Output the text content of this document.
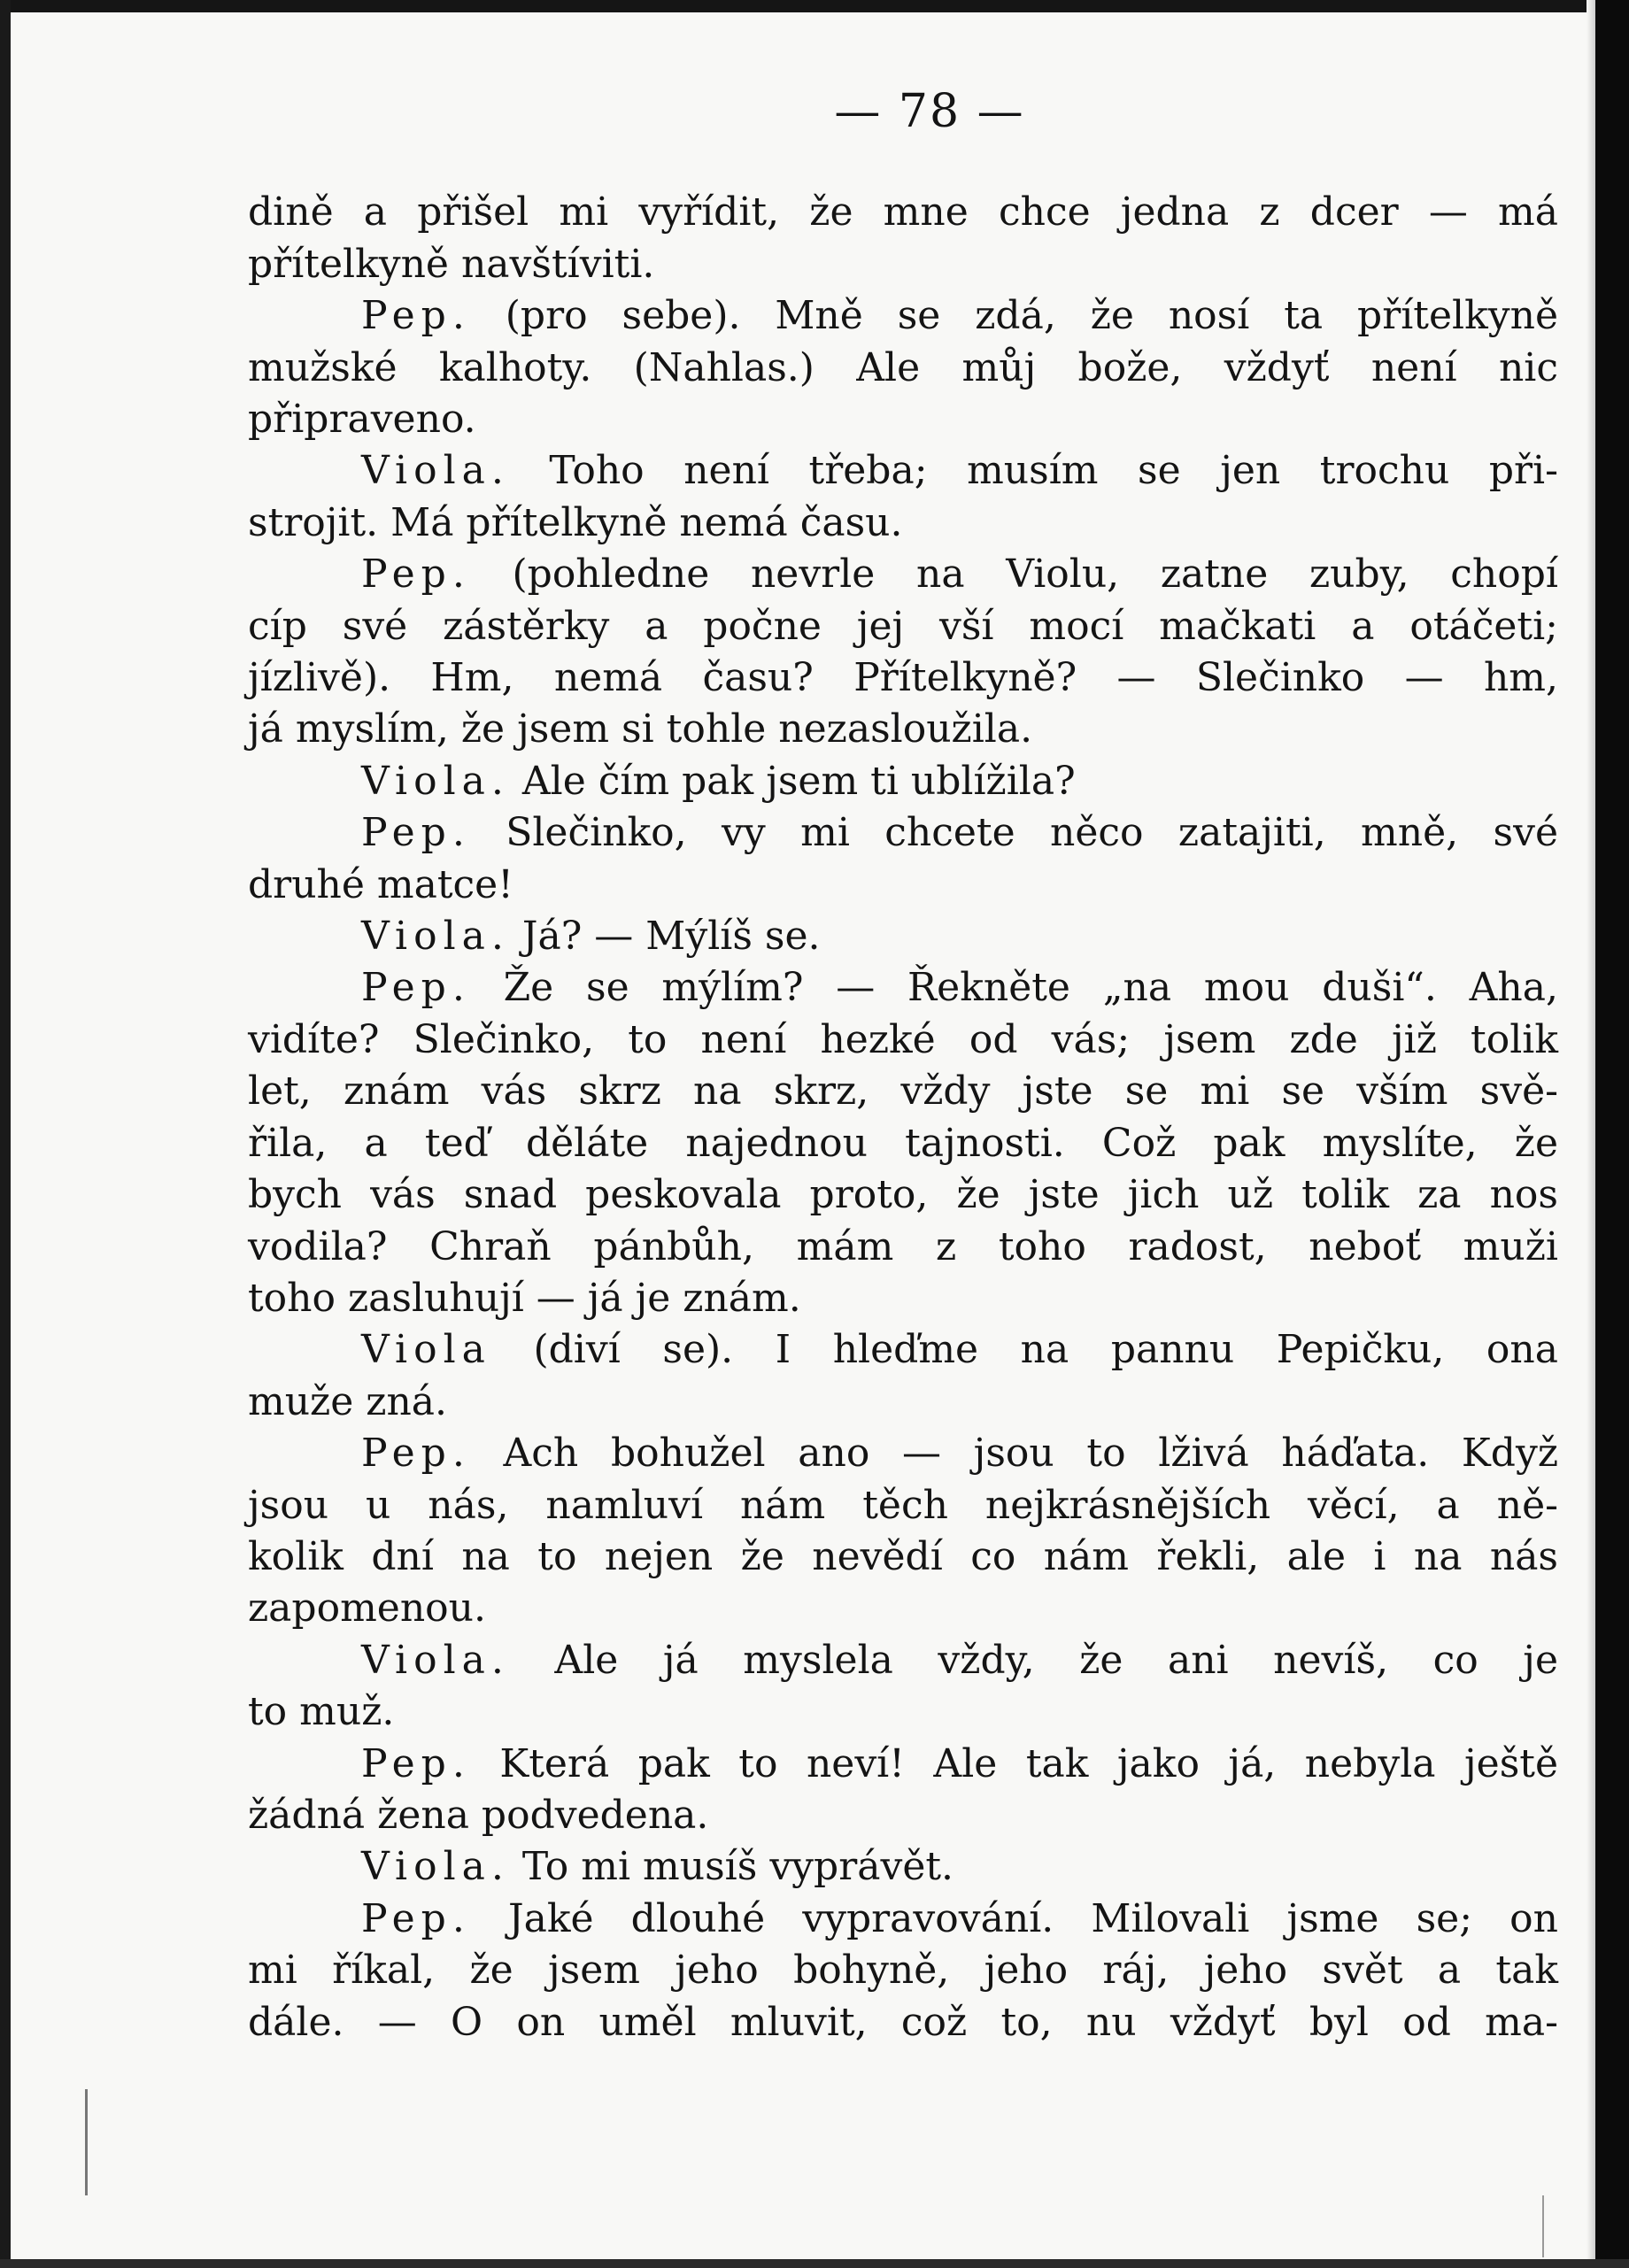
— 78 —
dině a přišel mi vyřídit, že mne chce jedna z dcer — má
přítelkyně navštíviti.
Pep. (pro sebe). Mně se zdá, že nosí ta přítelkyně
mužské kalhoty. (Nahlas.) Ale můj bože, vždyť není nic
připraveno.
Viola. Toho není třeba; musím se jen trochu při-
strojit. Má přítelkyně nemá času.
Pep. (pohledne nevrle na Violu, zatne zuby, chopí
cíp své zástěrky a počne jej vší mocí mačkati a otáčeti;
jízlivě). Hm, nemá času? Přítelkyně? — Slečinko — hm,
já myslím, že jsem si tohle nezasloužila.
Viola. Ale čím pak jsem ti ublížila?
Pep. Slečinko, vy mi chcete něco zatajiti, mně, své
druhé matce!
Viola. Já? — Mýlíš se.
Pep. Že se mýlím? — Řekněte „na mou duši“. Aha,
vidíte? Slečinko, to není hezké od vás; jsem zde již tolik
let, znám vás skrz na skrz, vždy jste se mi se vším svě-
řila, a teď děláte najednou tajnosti. Což pak myslíte, že
bych vás snad peskovala proto, že jste jich už tolik za nos
vodila? Chraň pánbůh, mám z toho radost, neboť muži
toho zasluhují — já je znám.
Viola (diví se). I hleďme na pannu Pepičku, ona
muže zná.
Pep. Ach bohužel ano — jsou to lživá háďata. Když
jsou u nás, namluví nám těch nejkrásnějších věcí, a ně-
kolik dní na to nejen že nevědí co nám řekli, ale i na nás
zapomenou.
Viola. Ale já myslela vždy, že ani nevíš, co je
to muž.
Pep. Která pak to neví! Ale tak jako já, nebyla ještě
žádná žena podvedena.
Viola. To mi musíš vyprávět.
Pep. Jaké dlouhé vypravování. Milovali jsme se; on
mi říkal, že jsem jeho bohyně, jeho ráj, jeho svět a tak
dále. — O on uměl mluvit, což to, nu vždyť byl od ma-
